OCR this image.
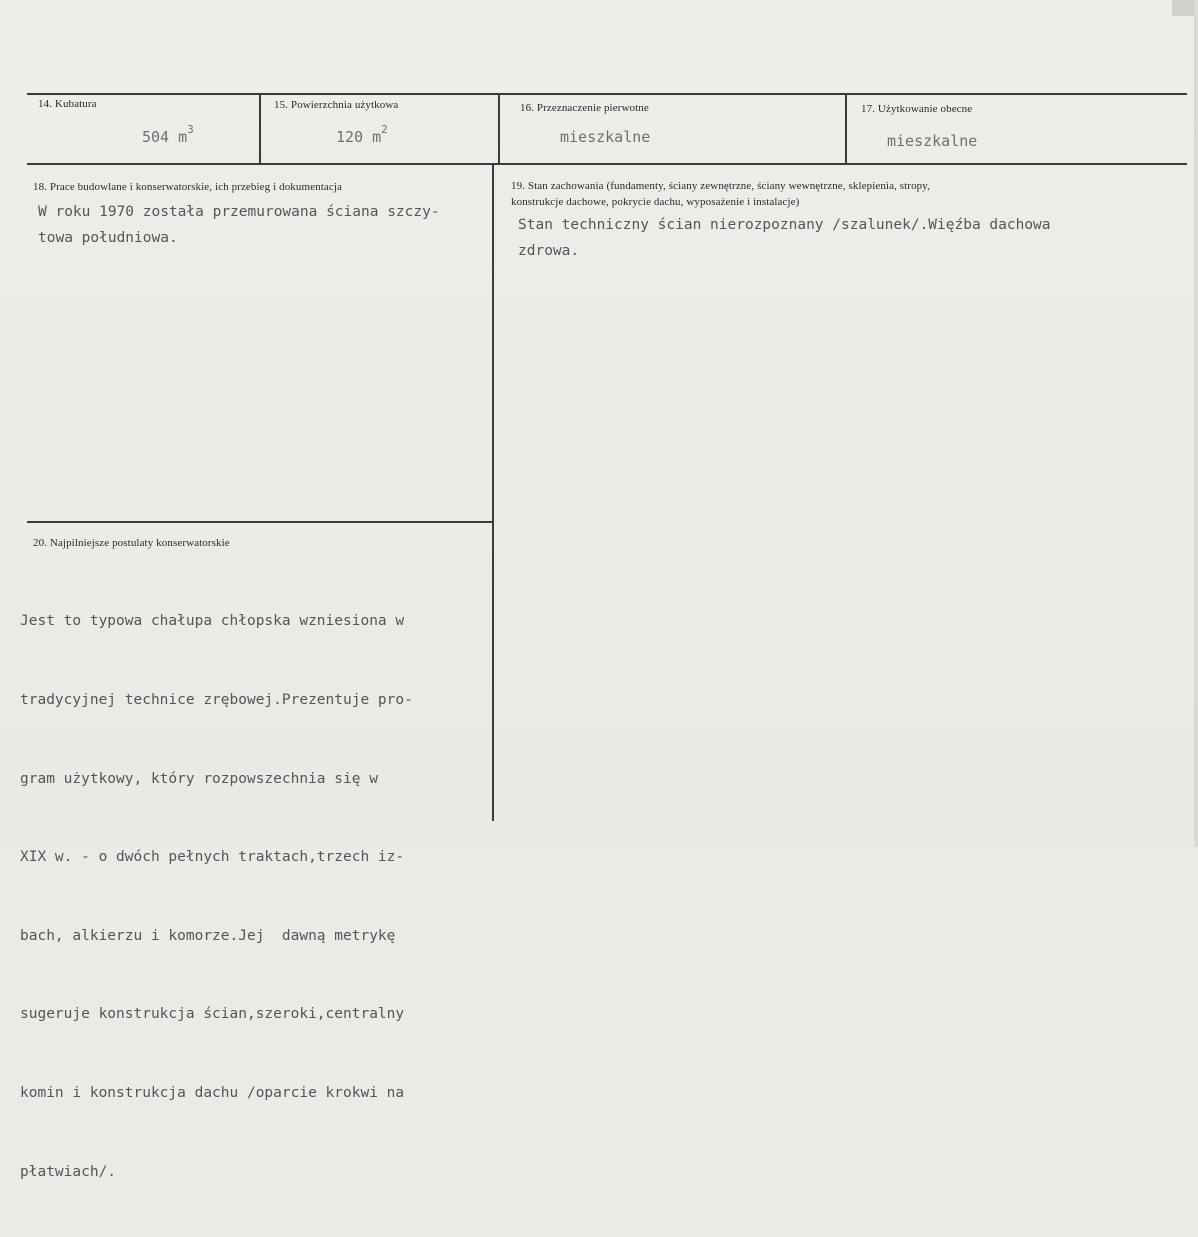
14. Kubatura
504 $m^3$
15. Powierzchnia użytkowa
120 $m^2$
16. Przeznaczenie pierwotne
mieszkalne
17. Użytkowanie obecne
mieszkalne
18. Prace budowlane i konserwatorskie, ich przebieg i dokumentacja
W roku 1970 została przemurowana ściana szczy-
towa południowa.
19. Stan zachowania (fundamenty, ściany zewnętrzne, ściany wewnętrzne, sklepienia, stropy,
konstrukcje dachowe, pokrycie dachu, wyposażenie i instalacje)
Stan techniczny ścian nierozpoznany /szalunek/.Więźba dachowa
zdrowa.
20. Najpilniejsze postulaty konserwatorskie

Jest to typowa chałupa chłopska wzniesiona w

tradycyjnej technice zrębowej.Prezentuje pro-

gram użytkowy, który rozpowszechnia się w

XIX w. - o dwóch pełnych traktach,trzech iz-

bach, alkierzu i komorze.Jej  dawną metrykę

sugeruje konstrukcja ścian,szeroki,centralny

komin i konstrukcja dachu /oparcie krokwi na

płatwiach/.
